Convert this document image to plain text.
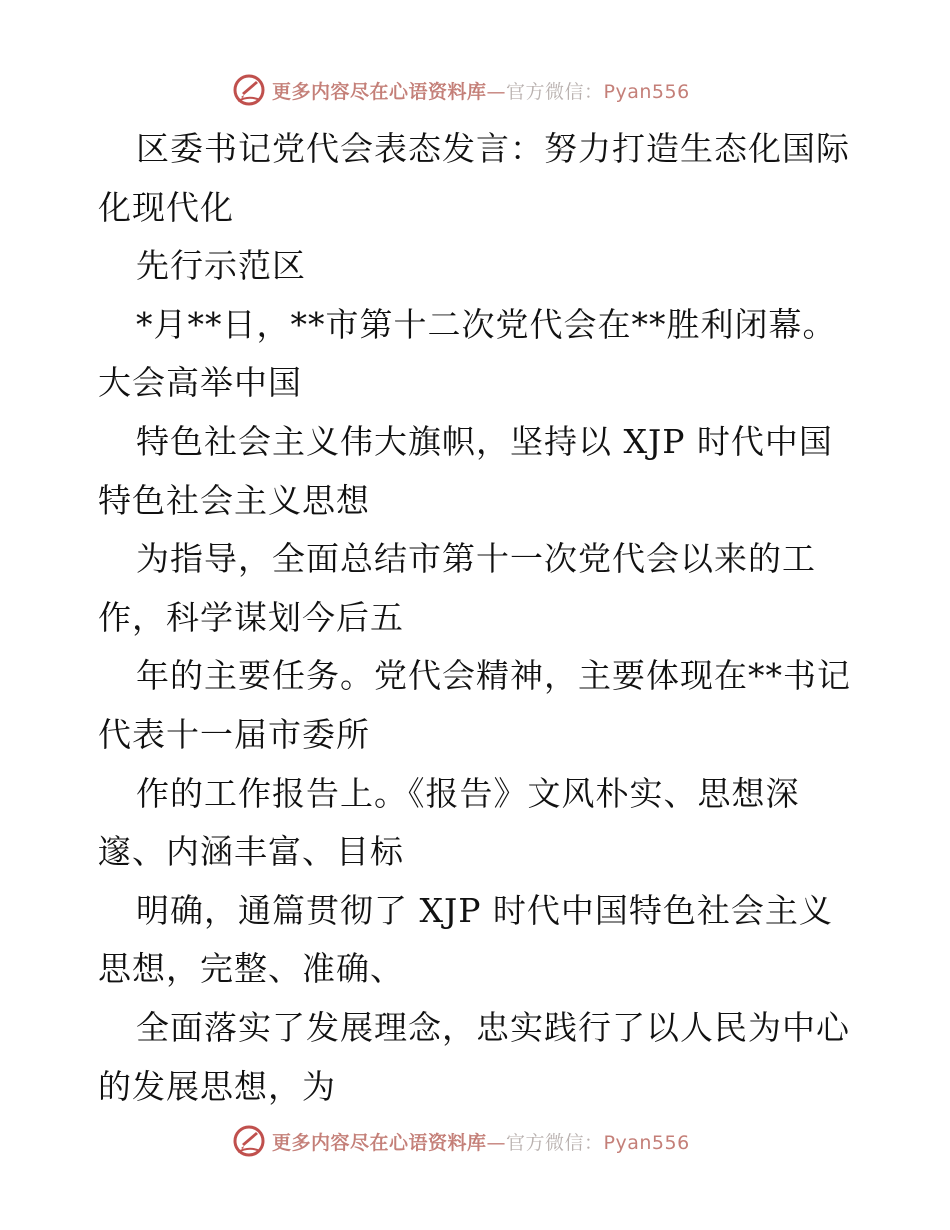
更多内容尽在心语资料库—官方微信：Pyan556
区委书记党代会表态发言：努力打造生态化国际
化现代化
先行示范区
*月**日，**市第十二次党代会在**胜利闭幕。
大会高举中国
特色社会主义伟大旗帜，坚持以 XJP 时代中国
特色社会主义思想
为指导，全面总结市第十一次党代会以来的工
作，科学谋划今后五
年的主要任务。党代会精神，主要体现在**书记
代表十一届市委所
作的工作报告上。《报告》文风朴实、思想深
邃、内涵丰富、目标
明确，通篇贯彻了 XJP 时代中国特色社会主义
思想，完整、准确、
全面落实了发展理念，忠实践行了以人民为中心
的发展思想，为
更多内容尽在心语资料库—官方微信：Pyan556
